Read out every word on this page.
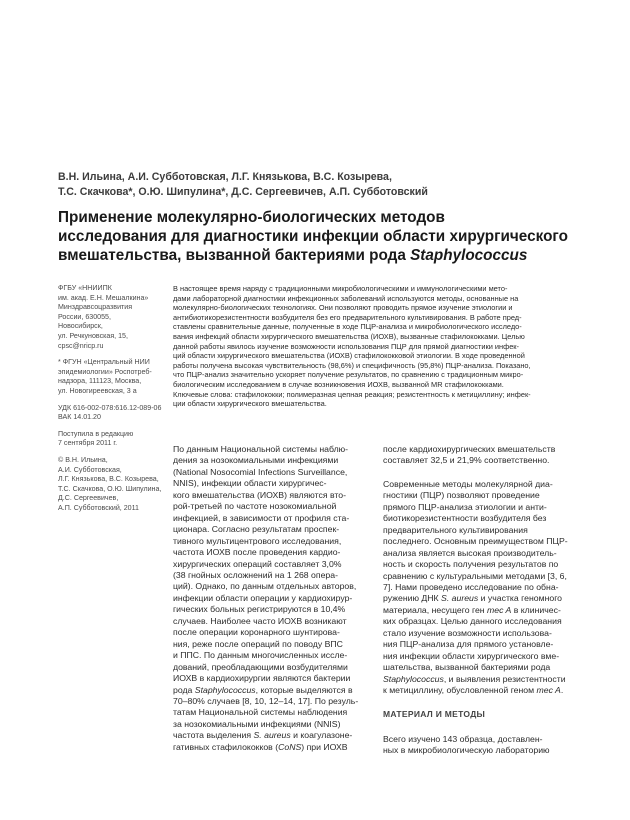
В.Н. Ильина, А.И. Субботовская, Л.Г. Князькова, В.С. Козырева,
Т.С. Скачкова*, О.Ю. Шипулина*, Д.С. Сергеевичев, А.П. Субботовский
Применение молекулярно-биологических методов
исследования для диагностики инфекции области хирургического
вмешательства, вызванной бактериями рода Staphylococcus
ФГБУ «ННИИПК
им. акад. Е.Н. Мешалкина»
Минздравсоцразвития
России, 630055,
Новосибирск,
ул. Речкуновская, 15,
cpsc@nricp.ru
* ФГУН «Центральный НИИ
эпидемиологии» Роспотреб-
надзора, 111123, Москва,
ул. Новогиреевская, 3 а
УДК 616-002-078:616.12-089-06
ВАК 14.01.20
Поступила в редакцию
7 сентября 2011 г.
© В.Н. Ильина,
А.И. Субботовская,
Л.Г. Князькова, В.С. Козырева,
Т.С. Скачкова, О.Ю. Шипулина,
Д.С. Сергеевичев,
А.П. Субботовский, 2011
В настоящее время наряду с традиционными микробиологическими и иммунологическими мето-
дами лабораторной диагностики инфекционных заболеваний используются методы, основанные на
молекулярно-биологических технологиях. Они позволяют проводить прямое изучение этиологии и
антибиотикорезистентности возбудителя без его предварительного культивирования. В работе пред-
ставлены сравнительные данные, полученные в ходе ПЦР-анализа и микробиологического исследо-
вания инфекций области хирургического вмешательства (ИОХВ), вызванные стафилококками. Целью
данной работы явилось изучение возможности использования ПЦР для прямой диагностики инфек-
ций области хирургического вмешательства (ИОХВ) стафилококковой этиологии. В ходе проведенной
работы получена высокая чувствительность (98,6%) и специфичность (95,8%) ПЦР-анализа. Показано,
что ПЦР-анализ значительно ускоряет получение результатов, по сравнению с традиционным микро-
биологическим исследованием в случае возникновения ИОХВ, вызванной MR стафилококками.
Ключевые слова: стафилококки; полимеразная цепная реакция; резистентность к метициллину; инфек-
ции области хирургического вмешательства.
По данным Национальной системы наблю-
дения за нозокомиальными инфекциями
(National Nosocomial Infections Surveillance,
NNIS), инфекции области хирургичес-
кого вмешательства (ИОХВ) являются вто-
рой-третьей по частоте нозокомиальной
инфекцией, в зависимости от профиля ста-
ционара. Согласно результатам проспек-
тивного мультицентрового исследования,
частота ИОХВ после проведения кардио-
хирургических операций составляет 3,0%
(38 гнойных осложнений на 1 268 опера-
ций). Однако, по данным отдельных авторов,
инфекции области операции у кардиохирур-
гических больных регистрируются в 10,4%
случаев. Наиболее часто ИОХВ возникают
после операции коронарного шунтирова-
ния, реже после операций по поводу ВПС
и ППС. По данным многочисленных иссле-
дований, преобладающими возбудителями
ИОХВ в кардиохирургии являются бактерии
рода Staphylococcus, которые выделяются в
70–80% случаев [8, 10, 12–14, 17]. По резуль-
татам Национальной системы наблюдения
за нозокомиальными инфекциями (NNIS)
частота выделения S. aureus и коагулазоне-
гативных стафилококков (CoNS) при ИОХВ
после кардиохирургических вмешательств
составляет 32,5 и 21,9% соответственно.
Современные методы молекулярной диа-
гностики (ПЦР) позволяют проведение
прямого ПЦР-анализа этиологии и анти-
биотикорезистентности возбудителя без
предварительного культивирования
последнего. Основным преимуществом ПЦР-
анализа является высокая производитель-
ность и скорость получения результатов по
сравнению с культуральными методами [3, 6,
7]. Нами проведено исследование по обна-
ружению ДНК S. aureus и участка геномного
материала, несущего ген mec A в клиничес-
ких образцах. Целью данного исследования
стало изучение возможности использова-
ния ПЦР-анализа для прямого установле-
ния инфекции области хирургического вме-
шательства, вызванной бактериями рода
Staphylococcus, и выявления резистентности
к метициллину, обусловленной геном mec A.
МАТЕРИАЛ И МЕТОДЫ
Всего изучено 143 образца, доставлен-
ных в микробиологическую лабораторию
